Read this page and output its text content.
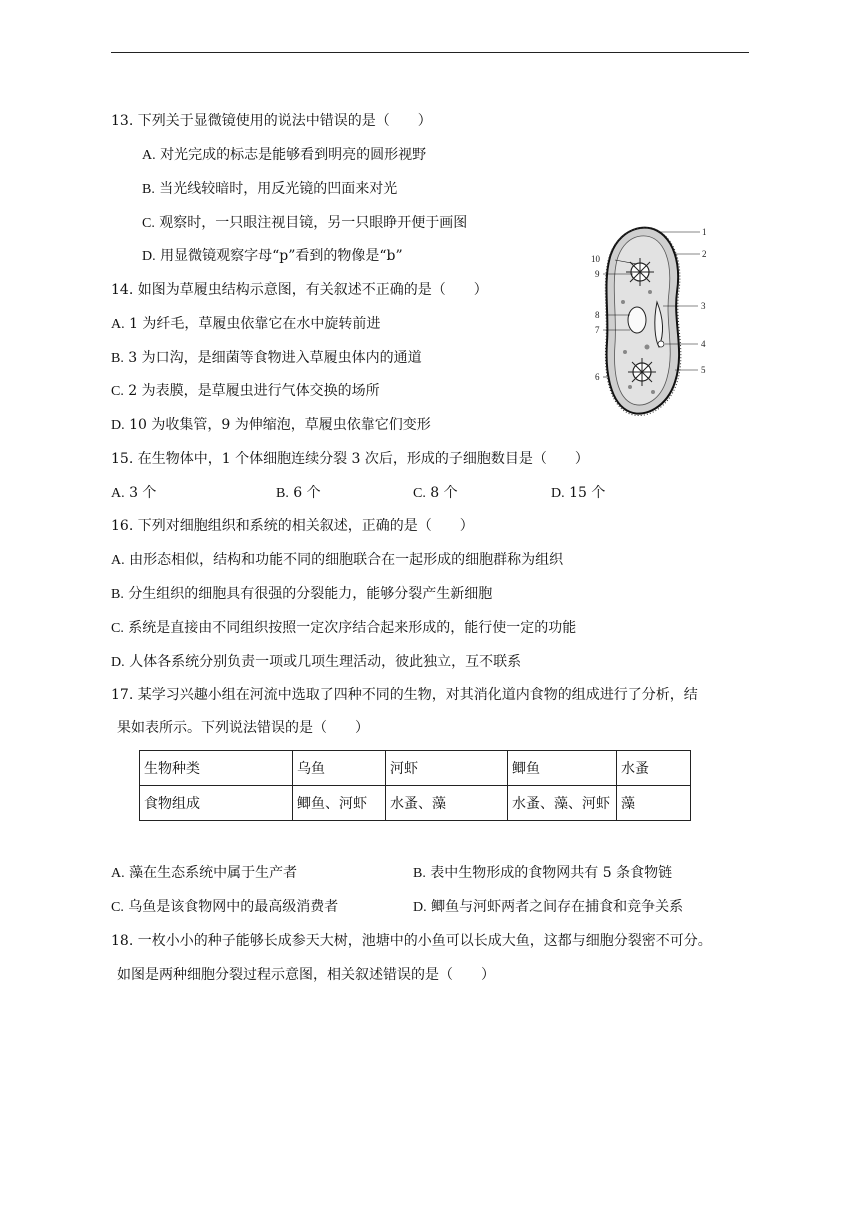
13. 下列关于显微镜使用的说法中错误的是（　　）
A. 对光完成的标志是能够看到明亮的圆形视野
B. 当光线较暗时，用反光镜的凹面来对光
C. 观察时，一只眼注视目镜，另一只眼睁开便于画图
D. 用显微镜观察字母“p”看到的物像是“b”
14. 如图为草履虫结构示意图，有关叙述不正确的是（　　）
A. 1 为纤毛，草履虫依靠它在水中旋转前进
B. 3 为口沟，是细菌等食物进入草履虫体内的通道
C. 2 为表膜，是草履虫进行气体交换的场所
D. 10 为收集管，9 为伸缩泡，草履虫依靠它们变形
1
2
3
4
5
6
7
8
9
10
15. 在生物体中，1 个体细胞连续分裂 3 次后，形成的子细胞数目是（　　）
A. 3 个	B. 6 个	C. 8 个	D. 15 个
16. 下列对细胞组织和系统的相关叙述，正确的是（　　）
A. 由形态相似，结构和功能不同的细胞联合在一起形成的细胞群称为组织
B. 分生组织的细胞具有很强的分裂能力，能够分裂产生新细胞
C. 系统是直接由不同组织按照一定次序结合起来形成的，能行使一定的功能
D. 人体各系统分别负责一项或几项生理活动，彼此独立，互不联系
17. 某学习兴趣小组在河流中选取了四种不同的生物，对其消化道内食物的组成进行了分析，结
果如表所示。下列说法错误的是（　　）
生物种类	乌鱼	河虾	鲫鱼	水蚤
食物组成	鲫鱼、河虾	水蚤、藻	水蚤、藻、河虾	藻
A. 藻在生态系统中属于生产者	B. 表中生物形成的食物网共有 5 条食物链
C. 乌鱼是该食物网中的最高级消费者	D. 鲫鱼与河虾两者之间存在捕食和竞争关系
18. 一枚小小的种子能够长成参天大树，池塘中的小鱼可以长成大鱼，这都与细胞分裂密不可分。
如图是两种细胞分裂过程示意图，相关叙述错误的是（　　）
